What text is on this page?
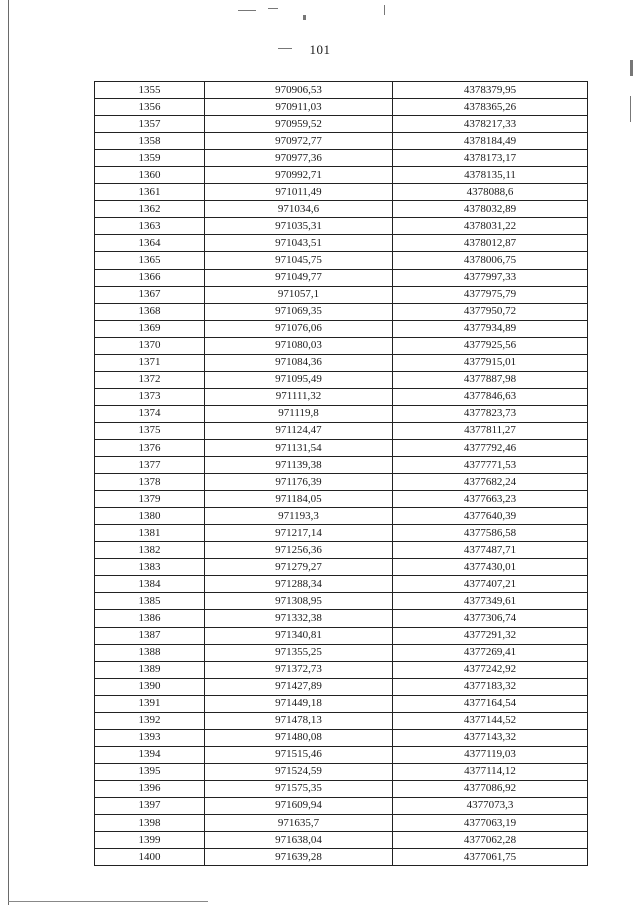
101
1355	970906,53	4378379,95
1356	970911,03	4378365,26
1357	970959,52	4378217,33
1358	970972,77	4378184,49
1359	970977,36	4378173,17
1360	970992,71	4378135,11
1361	971011,49	4378088,6
1362	971034,6	4378032,89
1363	971035,31	4378031,22
1364	971043,51	4378012,87
1365	971045,75	4378006,75
1366	971049,77	4377997,33
1367	971057,1	4377975,79
1368	971069,35	4377950,72
1369	971076,06	4377934,89
1370	971080,03	4377925,56
1371	971084,36	4377915,01
1372	971095,49	4377887,98
1373	971111,32	4377846,63
1374	971119,8	4377823,73
1375	971124,47	4377811,27
1376	971131,54	4377792,46
1377	971139,38	4377771,53
1378	971176,39	4377682,24
1379	971184,05	4377663,23
1380	971193,3	4377640,39
1381	971217,14	4377586,58
1382	971256,36	4377487,71
1383	971279,27	4377430,01
1384	971288,34	4377407,21
1385	971308,95	4377349,61
1386	971332,38	4377306,74
1387	971340,81	4377291,32
1388	971355,25	4377269,41
1389	971372,73	4377242,92
1390	971427,89	4377183,32
1391	971449,18	4377164,54
1392	971478,13	4377144,52
1393	971480,08	4377143,32
1394	971515,46	4377119,03
1395	971524,59	4377114,12
1396	971575,35	4377086,92
1397	971609,94	4377073,3
1398	971635,7	4377063,19
1399	971638,04	4377062,28
1400	971639,28	4377061,75
